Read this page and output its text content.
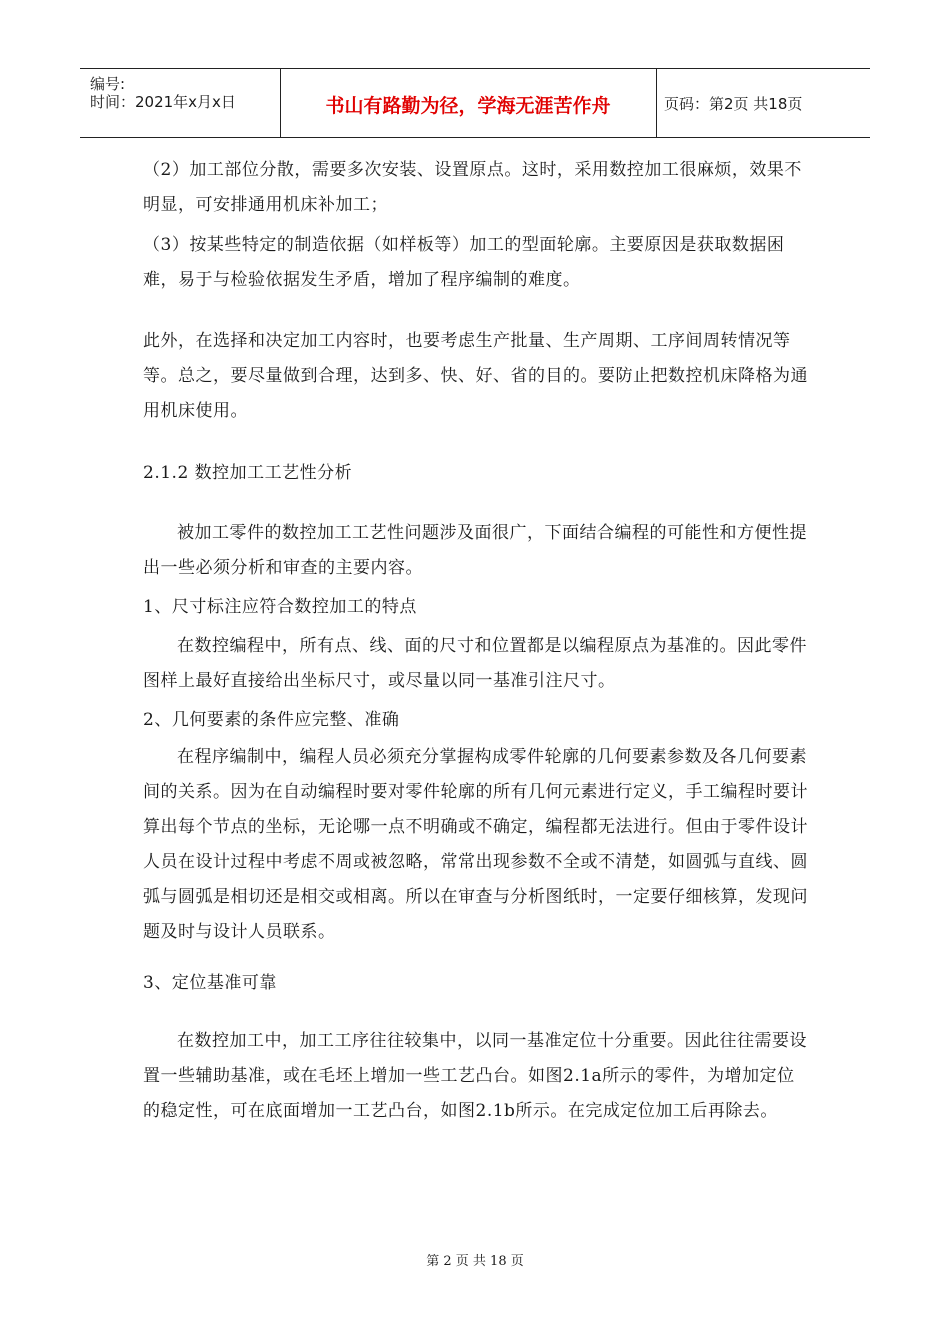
编号:
时间：2021年x月x日	书山有路勤为径，学海无涯苦作舟	页码：第2页 共18页

（2）加工部位分散，需要多次安装、设置原点。这时，采用数控加工很麻烦，效果不明显，可安排通用机床补加工；

（3）按某些特定的制造依据（如样板等）加工的型面轮廓。主要原因是获取数据困难，易于与检验依据发生矛盾，增加了程序编制的难度。

此外，在选择和决定加工内容时，也要考虑生产批量、生产周期、工序间周转情况等等。总之，要尽量做到合理，达到多、快、好、省的目的。要防止把数控机床降格为通用机床使用。

2.1.2 数控加工工艺性分析

被加工零件的数控加工工艺性问题涉及面很广，下面结合编程的可能性和方便性提出一些必须分析和审查的主要内容。

1、尺寸标注应符合数控加工的特点

在数控编程中，所有点、线、面的尺寸和位置都是以编程原点为基准的。因此零件图样上最好直接给出坐标尺寸，或尽量以同一基准引注尺寸。

2、几何要素的条件应完整、准确

在程序编制中，编程人员必须充分掌握构成零件轮廓的几何要素参数及各几何要素间的关系。因为在自动编程时要对零件轮廓的所有几何元素进行定义，手工编程时要计算出每个节点的坐标，无论哪一点不明确或不确定，编程都无法进行。但由于零件设计人员在设计过程中考虑不周或被忽略，常常出现参数不全或不清楚，如圆弧与直线、圆弧与圆弧是相切还是相交或相离。所以在审查与分析图纸时，一定要仔细核算，发现问题及时与设计人员联系。

3、定位基准可靠

在数控加工中，加工工序往往较集中，以同一基准定位十分重要。因此往往需要设置一些辅助基准，或在毛坯上增加一些工艺凸台。如图2.1a所示的零件，为增加定位的稳定性，可在底面增加一工艺凸台，如图2.1b所示。在完成定位加工后再除去。

第 2 页 共 18 页
